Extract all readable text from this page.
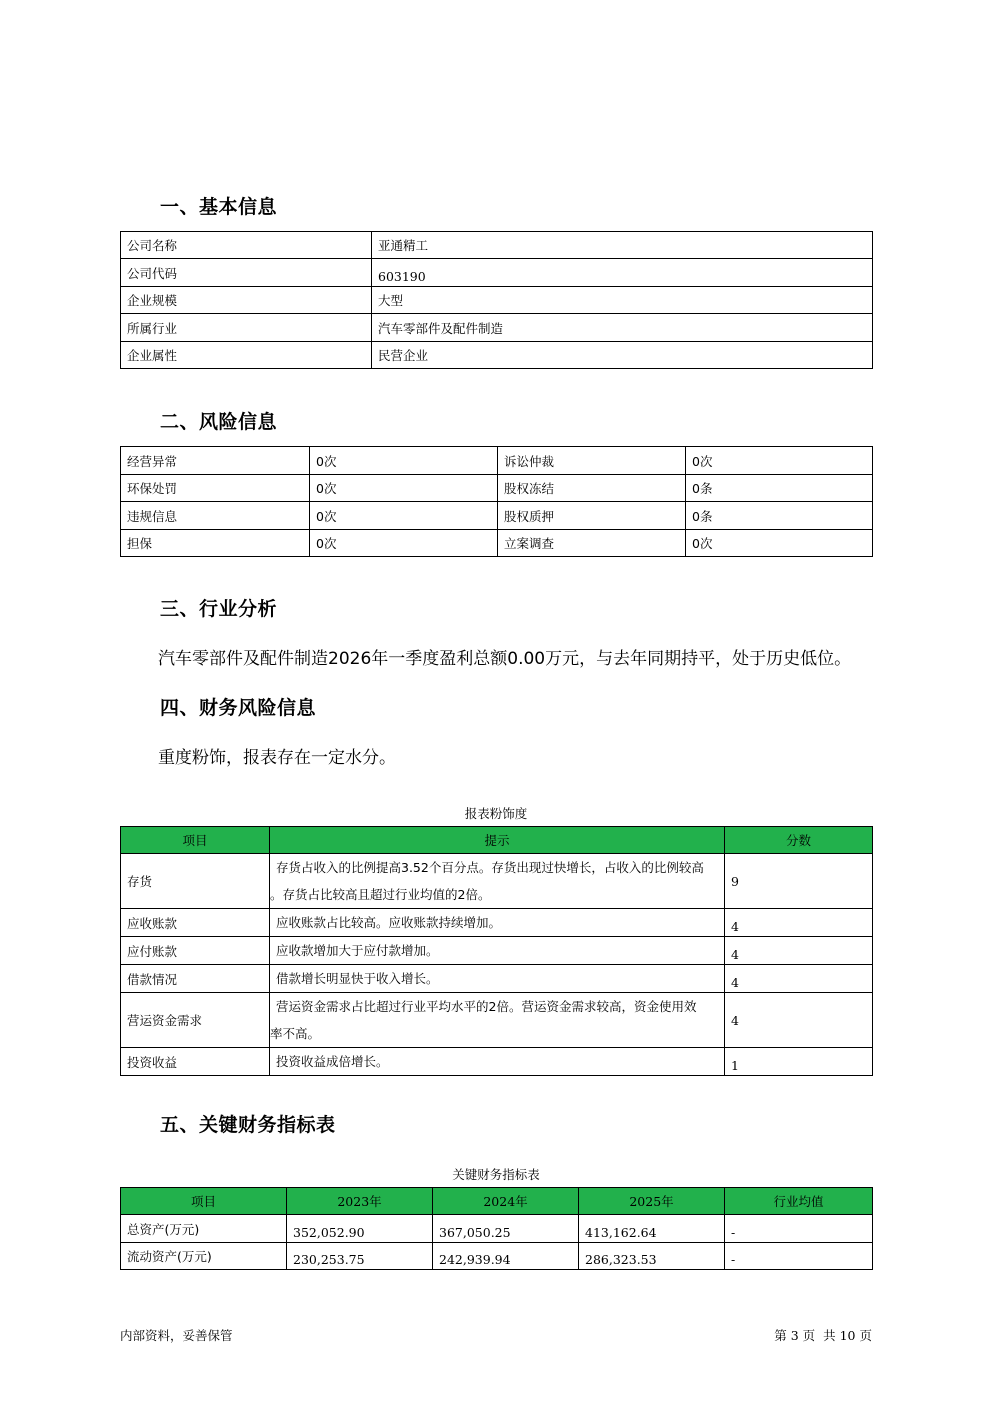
一、基本信息
公司名称	亚通精工
公司代码	603190
企业规模	大型
所属行业	汽车零部件及配件制造
企业属性	民营企业
二、风险信息
经营异常	0次	诉讼仲裁	0次
环保处罚	0次	股权冻结	0条
违规信息	0次	股权质押	0条
担保	0次	立案调查	0次
三、行业分析

汽车零部件及配件制造2026年一季度盈利总额0.00万元，与去年同期持平，处于历史低位。

四、财务风险信息

重度粉饰，报表存在一定水分。

报表粉饰度
项目	提示	分数
存货	存货占收入的比例提高3.52个百分点。存货出现过快增长，占收入的比例较高
。存货占比较高且超过行业均值的2倍。	9
应收账款	应收账款占比较高。应收账款持续增加。	4
应付账款	应收款增加大于应付款增加。	4
借款情况	借款增长明显快于收入增长。	4
营运资金需求	营运资金需求占比超过行业平均水平的2倍。营运资金需求较高，资金使用效
率不高。	4
投资收益	投资收益成倍增长。	1
五、关键财务指标表
关键财务指标表
项目	2023年	2024年	2025年	行业均值
总资产(万元)	352,052.90	367,050.25	413,162.64	-
流动资产(万元)	230,253.75	242,939.94	286,323.53	-
内部资料，妥善保管	第 3 页  共 10 页
